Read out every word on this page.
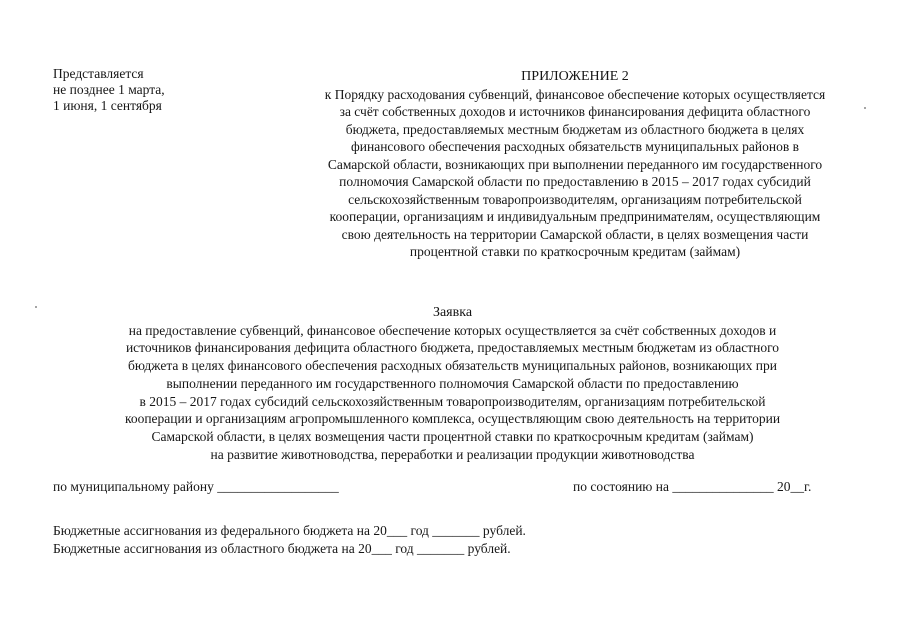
Представляется
не позднее 1 марта,
1 июня, 1 сентября
ПРИЛОЖЕНИЕ 2
к Порядку расходования субвенций, финансовое обеспечение которых осуществляется
за счёт собственных доходов и источников финансирования дефицита областного
бюджета, предоставляемых местным бюджетам из областного бюджета в целях
финансового обеспечения расходных обязательств муниципальных районов в
Самарской области, возникающих при выполнении переданного им государственного
полномочия Самарской области по предоставлению в 2015 – 2017 годах субсидий
сельскохозяйственным товаропроизводителям, организациям потребительской
кооперации, организациям и индивидуальным предпринимателям, осуществляющим
свою деятельность на территории Самарской области, в целях возмещения части
процентной ставки по краткосрочным кредитам (займам)
Заявка
на предоставление субвенций, финансовое обеспечение которых осуществляется за счёт собственных доходов и
источников финансирования дефицита областного бюджета, предоставляемых местным бюджетам из областного
бюджета в целях финансового обеспечения расходных обязательств муниципальных районов, возникающих при
выполнении переданного им государственного полномочия Самарской области по предоставлению
в 2015 – 2017 годах субсидий сельскохозяйственным товаропроизводителям, организациям потребительской
кооперации и организациям агропромышленного комплекса, осуществляющим свою деятельность на территории
Самарской области, в целях возмещения части процентной ставки по краткосрочным кредитам (займам)
на развитие животноводства, переработки и реализации продукции животноводства
по муниципальному району __________________	по состоянию на _______________ 20__г.
Бюджетные ассигнования из федерального бюджета на 20___ год _______ рублей.
Бюджетные ассигнования из областного бюджета на 20___ год _______ рублей.
